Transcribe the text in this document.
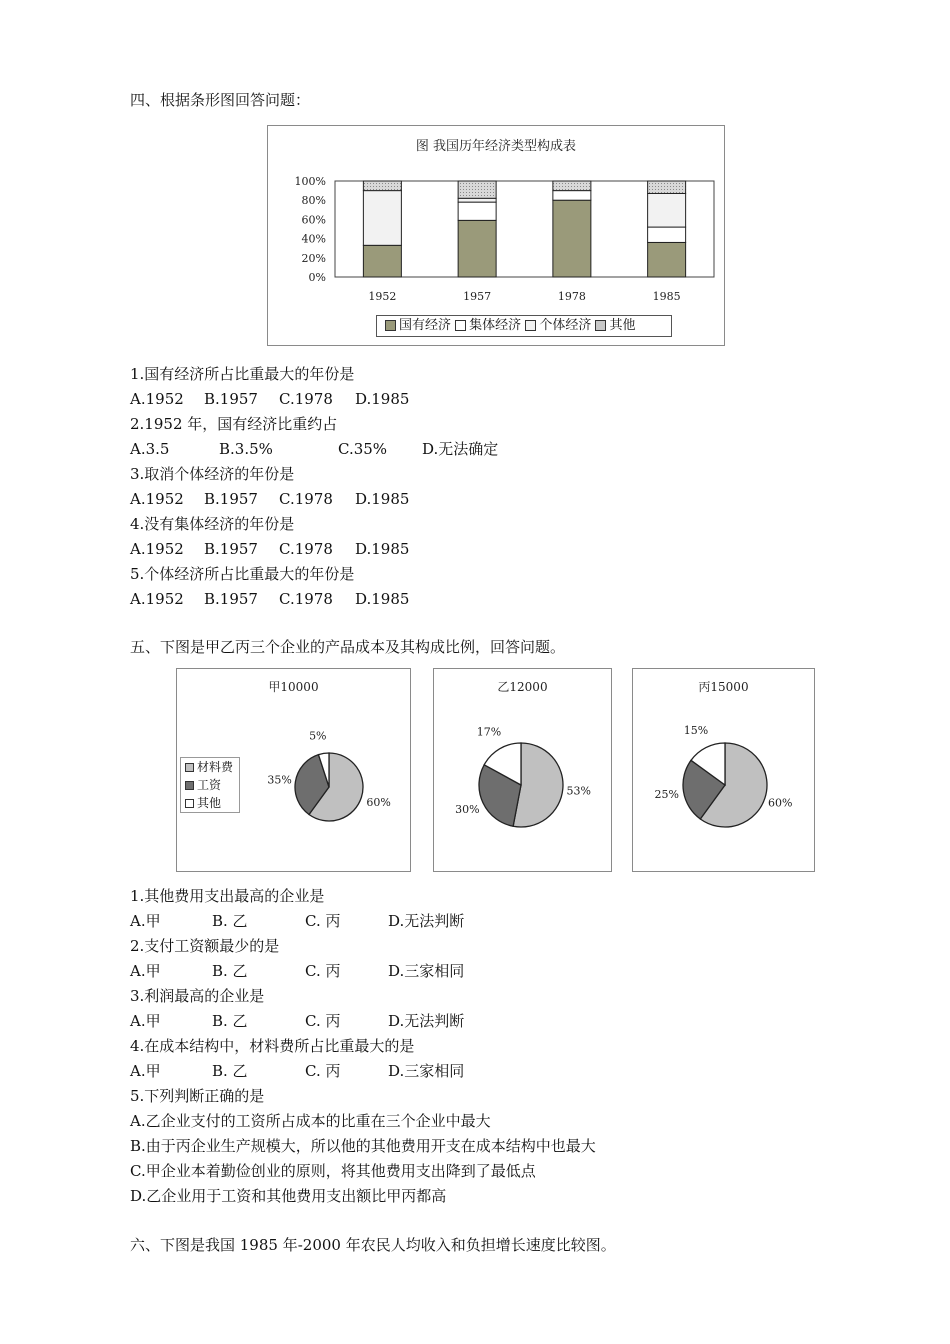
四、根据条形图回答问题：
图 我国历年经济类型构成表
0%
20%
40%
60%
80%
100%
1952	1957	1978	1985
国有经济 集体经济 个体经济 其他
1.国有经济所占比重最大的年份是
A.1952 B.1957 C.1978 D.1985
2.1952 年，国有经济比重约占
A.3.5	B.3.5%	C.35% D.无法确定
3.取消个体经济的年份是
A.1952 B.1957 C.1978 D.1985
4.没有集体经济的年份是
A.1952 B.1957 C.1978 D.1985
5.个体经济所占比重最大的年份是
A.1952 B.1957 C.1978 D.1985
五、下图是甲乙丙三个企业的产品成本及其构成比例，回答问题。
甲10000
60%
35%
5%
材料费
工资
其他
乙12000
53%
30%
17%
丙15000
60%
25%
15%
1.其他费用支出最高的企业是
A.甲	B. 乙	C. 丙	D.无法判断
2.支付工资额最少的是
A.甲	B. 乙	C. 丙	D.三家相同
3.利润最高的企业是
A.甲	B. 乙	C. 丙	D.无法判断
4.在成本结构中，材料费所占比重最大的是
A.甲	B. 乙	C. 丙	D.三家相同
5.下列判断正确的是
A.乙企业支付的工资所占成本的比重在三个企业中最大
B.由于丙企业生产规模大，所以他的其他费用开支在成本结构中也最大
C.甲企业本着勤俭创业的原则，将其他费用支出降到了最低点
D.乙企业用于工资和其他费用支出额比甲丙都高
六、下图是我国 1985 年-2000 年农民人均收入和负担增长速度比较图。
